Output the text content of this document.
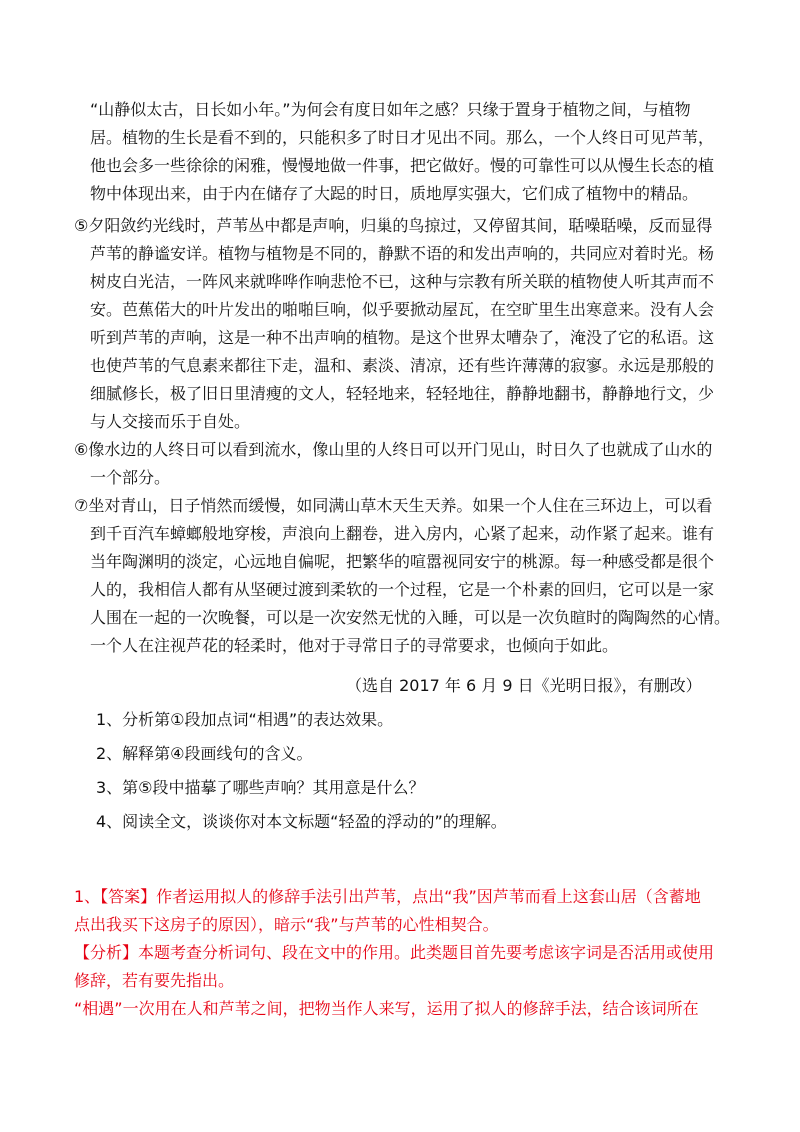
“山静似太古，日长如小年。”为何会有度日如年之感？只缘于置身于植物之间，与植物
居。植物的生长是看不到的，只能积多了时日才见出不同。那么，一个人终日可见芦苇，
他也会多一些徐徐的闲雅，慢慢地做一件事，把它做好。慢的可靠性可以从慢生长态的植
物中体现出来，由于内在储存了大跽的时日，质地厚实强大，它们成了植物中的精品。
⑤夕阳敛约光线时，芦苇丛中都是声响，归巢的鸟掠过，又停留其间，聒噪聒噪，反而显得
芦苇的静谧安详。植物与植物是不同的，静默不语的和发出声响的，共同应对着时光。杨
树皮白光洁，一阵风来就哗哗作响悲怆不已，这种与宗教有所关联的植物使人听其声而不
安。芭蕉偌大的叶片发出的啪啪巨响，似乎要掀动屋瓦，在空旷里生出寒意来。没有人会
听到芦苇的声响，这是一种不出声响的植物。是这个世界太嘈杂了，淹没了它的私语。这
也使芦苇的气息素来都往下走，温和、素淡、清凉，还有些许薄薄的寂寥。永远是那般的
细腻修长，极了旧日里清瘦的文人，轻轻地来，轻轻地往，静静地翻书，静静地行文，少
与人交接而乐于自处。
⑥像水边的人终日可以看到流水，像山里的人终日可以开门见山，时日久了也就成了山水的
一个部分。
⑦坐对青山，日子悄然而缓慢，如同满山草木天生天养。如果一个人住在三环边上，可以看
到千百汽车蟑螂般地穿梭，声浪向上翻卷，进入房内，心紧了起来，动作紧了起来。谁有
当年陶渊明的淡定，心远地自偏呢，把繁华的喧嚣视同安宁的桃源。每一种感受都是很个
人的，我相信人都有从坚硬过渡到柔软的一个过程，它是一个朴素的回归，它可以是一家
人围在一起的一次晚餐，可以是一次安然无忧的入睡，可以是一次负暄时的陶陶然的心情。
一个人在注视芦花的轻柔时，他对于寻常日子的寻常要求，也倾向于如此。
（选自 2017 年 6 月 9 日《光明日报》，有删改）
1、分析第①段加点词“相遇”的表达效果。
2、解释第④段画线句的含义。
3、第⑤段中描摹了哪些声响？其用意是什么？
4、阅读全文，谈谈你对本文标题“轻盈的浮动的”的理解。
1、【答案】作者运用拟人的修辞手法引出芦苇，点出“我”因芦苇而看上这套山居（含蓄地
点出我买下这房子的原因），暗示“我”与芦苇的心性相契合。
【分析】本题考查分析词句、段在文中的作用。此类题目首先要考虑该字词是否活用或使用
修辞，若有要先指出。
“相遇”一次用在人和芦苇之间，把物当作人来写，运用了拟人的修辞手法，结合该词所在
